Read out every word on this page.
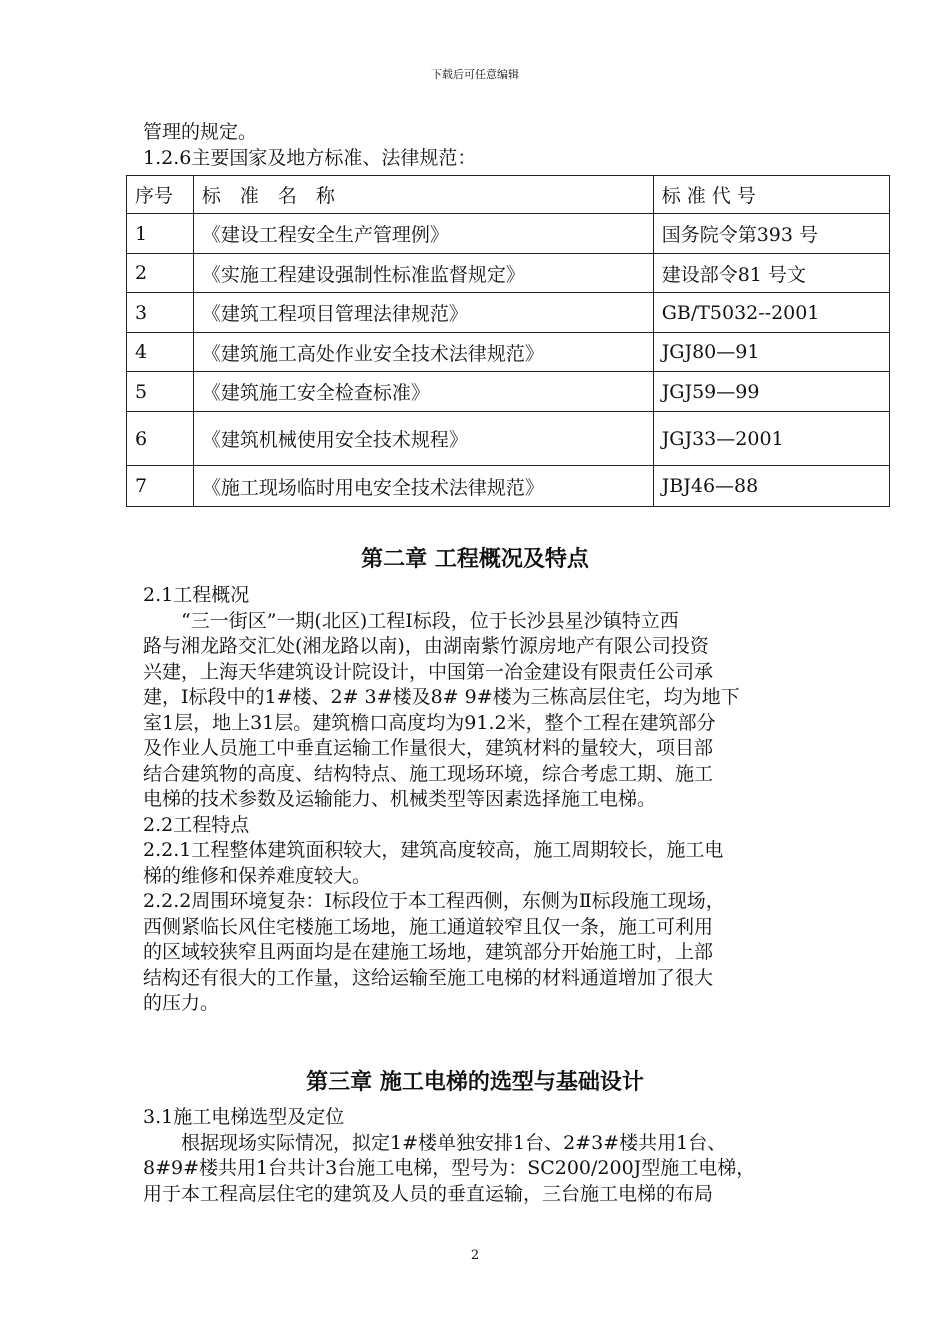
下载后可任意编辑

管理的规定。

1.2.6主要国家及地方标准、法律规范：

序号	标　准　名　称	标 准 代 号
1	《建设工程安全生产管理例》	国务院令第393 号
2	《实施工程建设强制性标准监督规定》	建设部令81 号文
3	《建筑工程项目管理法律规范》	GB/T5032--2001
4	《建筑施工高处作业安全技术法律规范》	JGJ80—91
5	《建筑施工安全检查标准》	JGJ59—99
6	《建筑机械使用安全技术规程》	JGJ33—2001
7	《施工现场临时用电安全技术法律规范》	JBJ46—88
第二章 工程概况及特点

2.1工程概况

“三一街区”一期(北区)工程Ⅰ标段，位于长沙县星沙镇特立西

路与湘龙路交汇处(湘龙路以南)，由湖南紫竹源房地产有限公司投资

兴建，上海天华建筑设计院设计，中国第一冶金建设有限责任公司承

建，Ⅰ标段中的1#楼、2# 3#楼及8# 9#楼为三栋高层住宅，均为地下

室1层，地上31层。建筑檐口高度均为91.2米，整个工程在建筑部分

及作业人员施工中垂直运输工作量很大，建筑材料的量较大，项目部

结合建筑物的高度、结构特点、施工现场环境，综合考虑工期、施工

电梯的技术参数及运输能力、机械类型等因素选择施工电梯。

2.2工程特点

2.2.1工程整体建筑面积较大，建筑高度较高，施工周期较长，施工电

梯的维修和保养难度较大。

2.2.2周围环境复杂：Ⅰ标段位于本工程西侧，东侧为Ⅱ标段施工现场，

西侧紧临长风住宅楼施工场地，施工通道较窄且仅一条，施工可利用

的区域较狭窄且两面均是在建施工场地，建筑部分开始施工时，上部

结构还有很大的工作量，这给运输至施工电梯的材料通道增加了很大

的压力。

第三章 施工电梯的选型与基础设计

3.1施工电梯选型及定位

根据现场实际情况，拟定1#楼单独安排1台、2#3#楼共用1台、

8#9#楼共用1台共计3台施工电梯，型号为：SC200/200J型施工电梯，

用于本工程高层住宅的建筑及人员的垂直运输，三台施工电梯的布局

2
